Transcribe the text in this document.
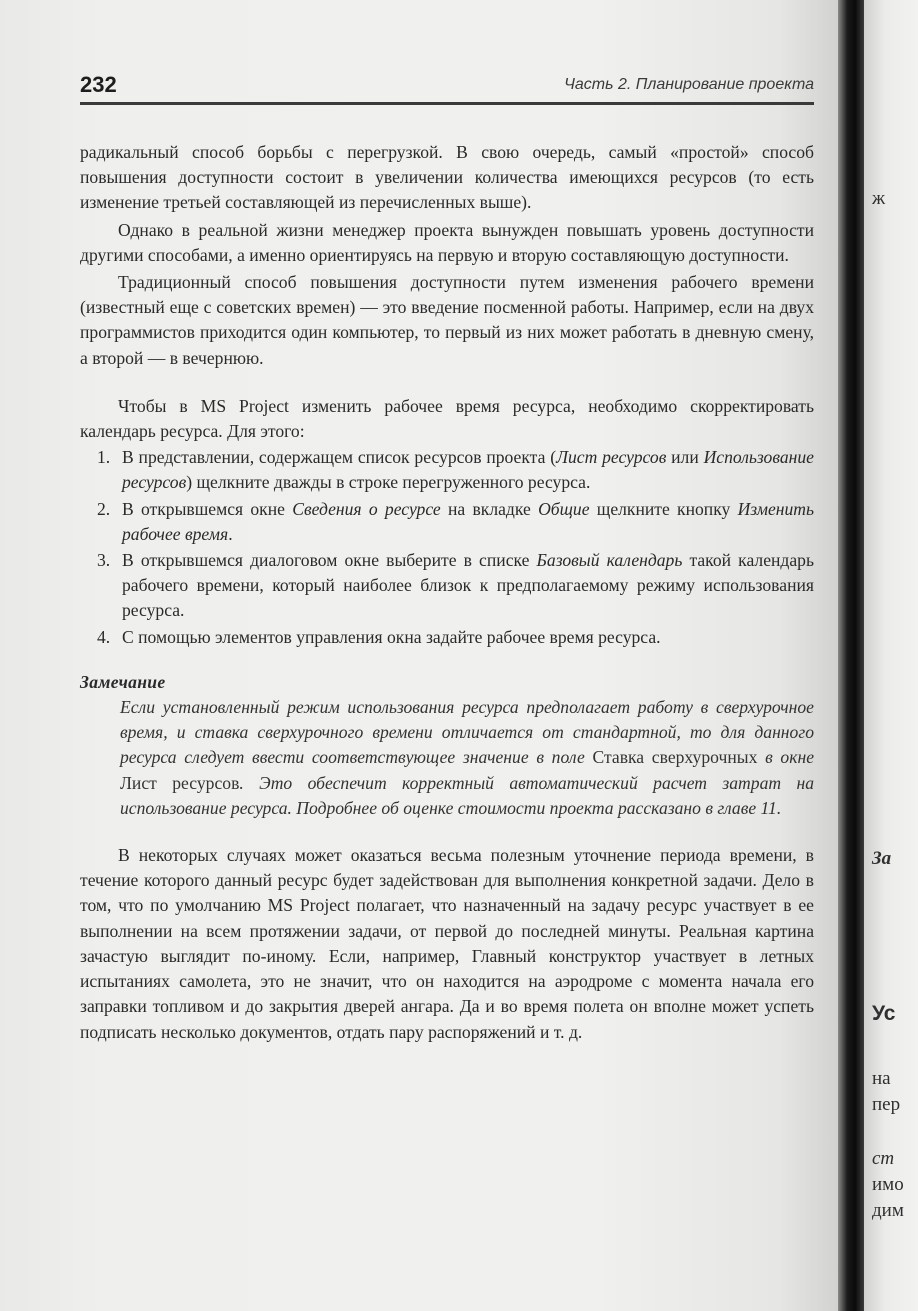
232	Часть 2. Планирование проекта

радикальный способ борьбы с перегрузкой. В свою очередь, самый «простой» способ повышения доступности состоит в увеличении количества имеющихся ресурсов (то есть изменение третьей составляющей из перечисленных выше).

Однако в реальной жизни менеджер проекта вынужден повышать уровень доступности другими способами, а именно ориентируясь на первую и вторую составляющую доступности.

Традиционный способ повышения доступности путем изменения рабочего времени (известный еще с советских времен) — это введение посменной работы. Например, если на двух программистов приходится один компьютер, то первый из них может работать в дневную смену, а второй — в вечернюю.

Чтобы в MS Project изменить рабочее время ресурса, необходимо скорректировать календарь ресурса. Для этого:

В представлении, содержащем список ресурсов проекта (Лист ресурсов или Использование ресурсов) щелкните дважды в строке перегруженного ресурса.
В открывшемся окне Сведения о ресурсе на вкладке Общие щелкните кнопку Изменить рабочее время.
В открывшемся диалоговом окне выберите в списке Базовый календарь такой календарь рабочего времени, который наиболее близок к предполагаемому режиму использования ресурса.
С помощью элементов управления окна задайте рабочее время ресурса.

Замечание

Если установленный режим использования ресурса предполагает работу в сверхурочное время, и ставка сверхурочного времени отличается от стандартной, то для данного ресурса следует ввести соответствующее значение в поле Ставка сверхурочных в окне Лист ресурсов. Это обеспечит корректный автоматический расчет затрат на использование ресурса. Подробнее об оценке стоимости проекта рассказано в главе 11.

В некоторых случаях может оказаться весьма полезным уточнение периода времени, в течение которого данный ресурс будет задействован для выполнения конкретной задачи. Дело в том, что по умолчанию MS Project полагает, что назначенный на задачу ресурс участвует в ее выполнении на всем протяжении задачи, от первой до последней минуты. Реальная картина зачастую выглядит по-иному. Если, например, Главный конструктор участвует в летных испытаниях самолета, это не значит, что он находится на аэродроме с момента начала его заправки топливом и до закрытия дверей ангара. Да и во время полета он вполне может успеть подписать несколько документов, отдать пару распоряжений и т. д.

ж
За
Ус
на
пер
ст
имо
дим
